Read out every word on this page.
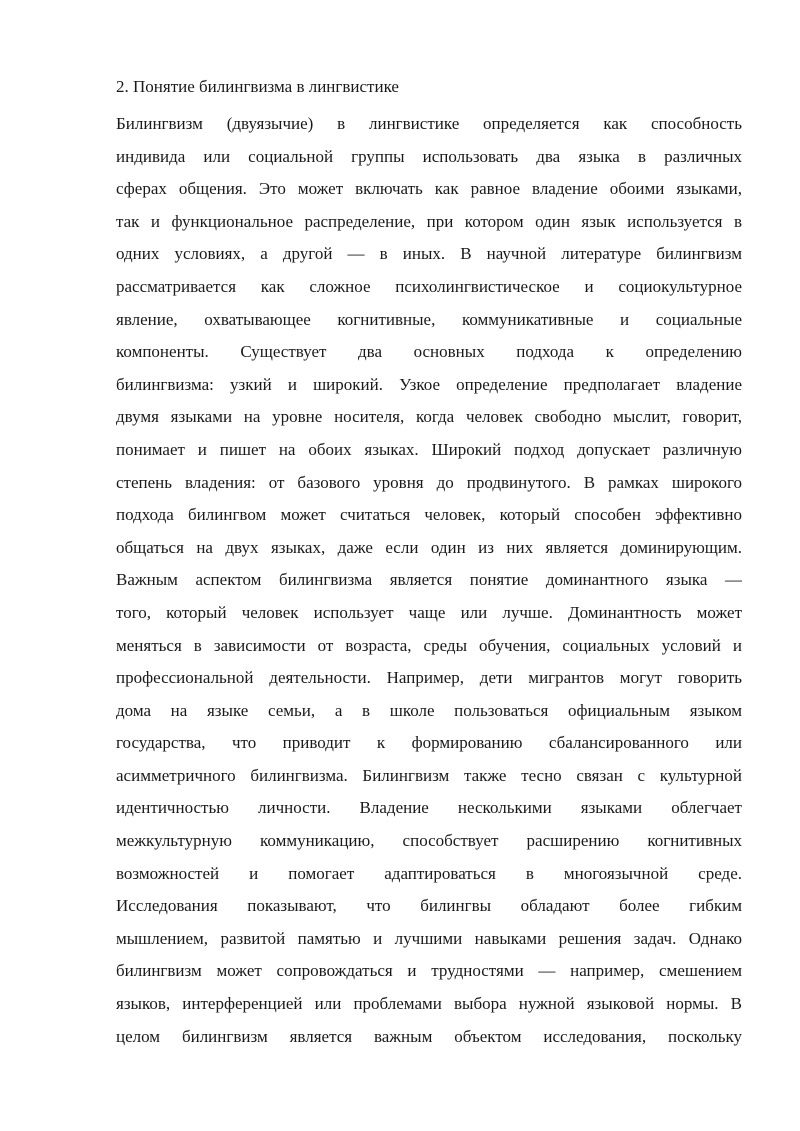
2. Понятие билингвизма в лингвистике
Билингвизм (двуязычие) в лингвистике определяется как способность
индивида или социальной группы использовать два языка в различных
сферах общения. Это может включать как равное владение обоими языками,
так и функциональное распределение, при котором один язык используется в
одних условиях, а другой — в иных. В научной литературе билингвизм
рассматривается как сложное психолингвистическое и социокультурное
явление, охватывающее когнитивные, коммуникативные и социальные
компоненты. Существует два основных подхода к определению
билингвизма: узкий и широкий. Узкое определение предполагает владение
двумя языками на уровне носителя, когда человек свободно мыслит, говорит,
понимает и пишет на обоих языках. Широкий подход допускает различную
степень владения: от базового уровня до продвинутого. В рамках широкого
подхода билингвом может считаться человек, который способен эффективно
общаться на двух языках, даже если один из них является доминирующим.
Важным аспектом билингвизма является понятие доминантного языка —
того, который человек использует чаще или лучше. Доминантность может
меняться в зависимости от возраста, среды обучения, социальных условий и
профессиональной деятельности. Например, дети мигрантов могут говорить
дома на языке семьи, а в школе пользоваться официальным языком
государства, что приводит к формированию сбалансированного или
асимметричного билингвизма. Билингвизм также тесно связан с культурной
идентичностью личности. Владение несколькими языками облегчает
межкультурную коммуникацию, способствует расширению когнитивных
возможностей и помогает адаптироваться в многоязычной среде.
Исследования показывают, что билингвы обладают более гибким
мышлением, развитой памятью и лучшими навыками решения задач. Однако
билингвизм может сопровождаться и трудностями — например, смешением
языков, интерференцией или проблемами выбора нужной языковой нормы. В
целом билингвизм является важным объектом исследования, поскольку
